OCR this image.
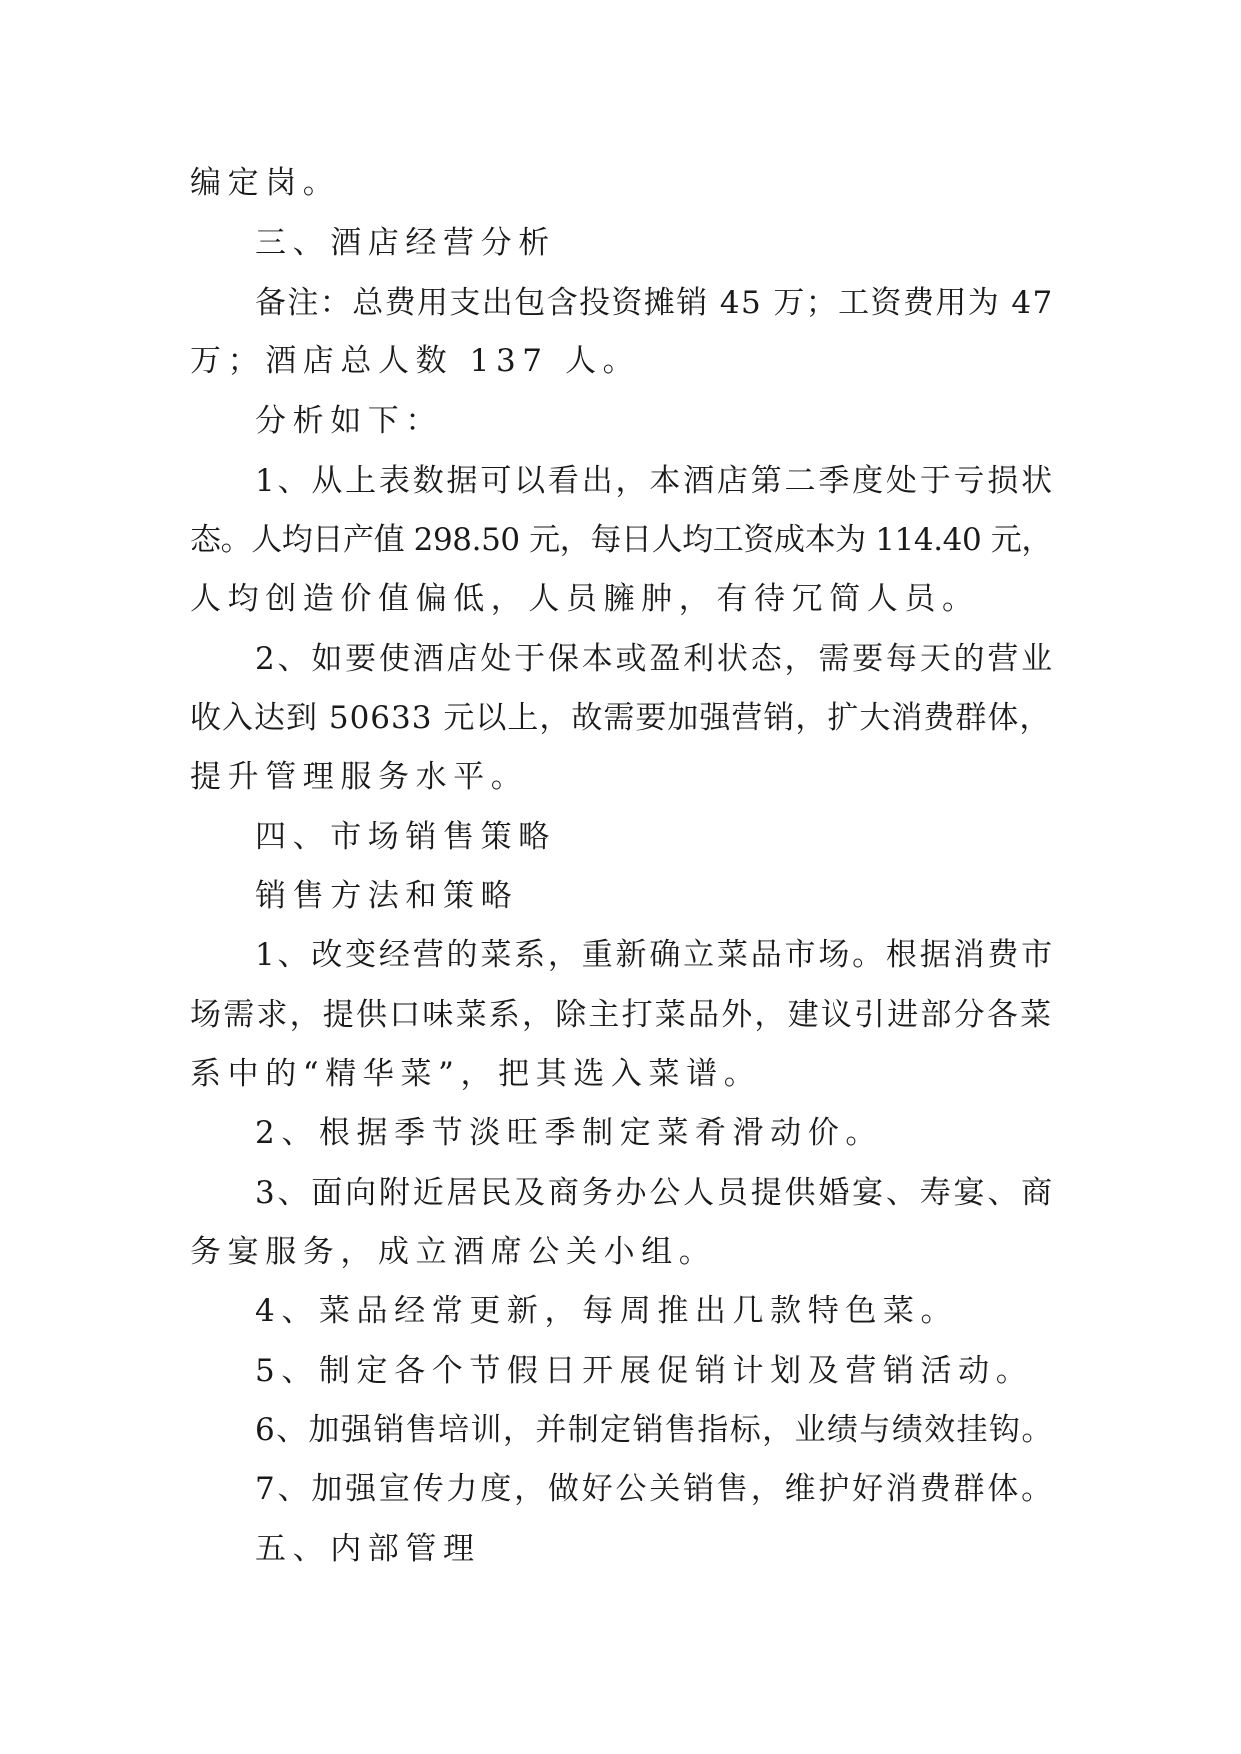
编定岗。
三、酒店经营分析
备注：总费用支出包含投资摊销 45 万；工资费用为 47
万；酒店总人数 137 人。
分析如下：
1、从上表数据可以看出，本酒店第二季度处于亏损状
态。人均日产值 298.50 元，每日人均工资成本为 114.40 元，
人均创造价值偏低，人员臃肿，有待冗简人员。
2、如要使酒店处于保本或盈利状态，需要每天的营业
收入达到 50633 元以上，故需要加强营销，扩大消费群体，
提升管理服务水平。
四、市场销售策略
销售方法和策略
1、改变经营的菜系，重新确立菜品市场。根据消费市
场需求，提供口味菜系，除主打菜品外，建议引进部分各菜
系中的“精华菜”，把其选入菜谱。
2、根据季节淡旺季制定菜肴滑动价。
3、面向附近居民及商务办公人员提供婚宴、寿宴、商
务宴服务，成立酒席公关小组。
4、菜品经常更新，每周推出几款特色菜。
5、制定各个节假日开展促销计划及营销活动。
6、加强销售培训，并制定销售指标，业绩与绩效挂钩。
7、加强宣传力度，做好公关销售，维护好消费群体。
五、内部管理
